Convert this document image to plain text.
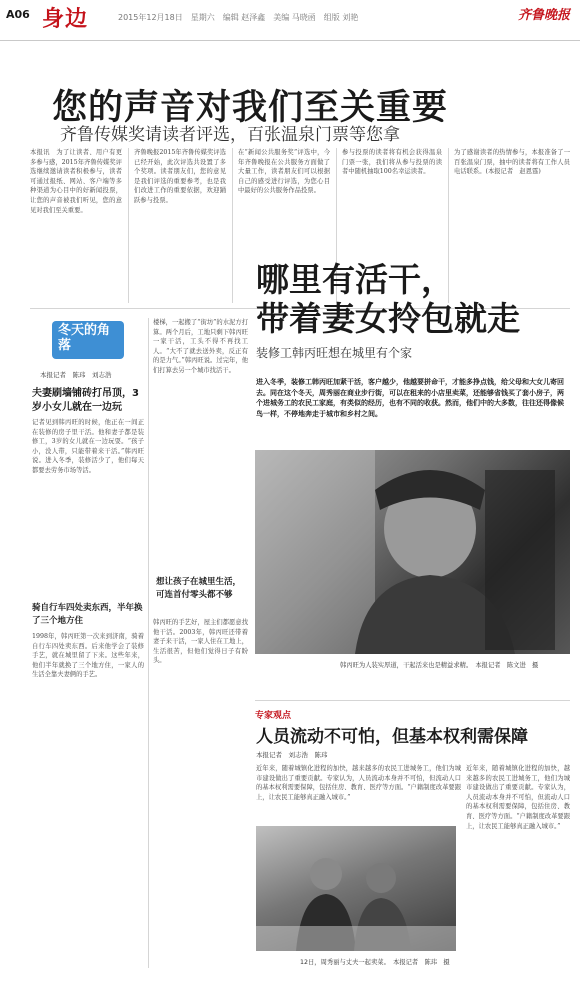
A06 身边	2015年12月18日　星期六　编辑 赵泽鑫　美编 马晓函　组版 刘艳	齐鲁晚报
您的声音对我们至关重要
齐鲁传媒奖请读者评选，百张温泉门票等您拿
本报讯　为了让读者、用户有更多参与感，2015年齐鲁传媒奖评选继续邀请读者积极参与，读者可通过报纸、网站、客户端等多种渠道为心目中的好新闻投票，让您的声音被我们听见，您的意见对我们至关重要。
齐鲁晚报2015年齐鲁传媒奖评选已经开始，此次评选共设置了多个奖项。读者朋友们，您的意见是我们评选的重要参考，也是我们改进工作的重要依据，欢迎踊跃参与投票。
在“新闻公共服务奖”评选中，今年齐鲁晚报在公共服务方面做了大量工作，读者朋友们可以根据自己的感受进行评选，为您心目中最好的公共服务作品投票。
参与投票的读者将有机会获得温泉门票一张，我们将从参与投票的读者中随机抽取100名幸运读者。
为了感谢读者的热情参与，本报准备了一百张温泉门票，抽中的读者将有工作人员电话联系。(本报记者　赵恩霆)
冬天的角落
本报记者　陈玮　刘志浩
夫妻刷墙铺砖打吊顶，3岁小女儿就在一边玩
记者见到韩丙旺的时候，他正在一间正在装修的房子里干活。他和妻子都是装修工，3岁的女儿就在一边玩耍。“孩子小，没人带，只能带着来干活。”韩丙旺说。进入冬季，装修活少了，他们每天都要去劳务市场等活。
骑自行车四处卖东西，半年换了三个地方住
1998年，韩丙旺第一次来到济南，骑着自行车四处卖东西。后来他学会了装修手艺，就在城里留了下来。这些年来，他们半年就换了三个地方住，一家人的生活全靠夫妻俩的手艺。
楼梯，一起搬了“街坊”的水泥方打算。两个月后，工地只剩下韩丙旺一家干活，工头不得不再找工人。“大不了就去送外卖，反正有的是力气。”韩丙旺说。过完年，他们打算去另一个城市找活干。
韩丙旺的手艺好，屋主们都愿意找他干活。2003年，韩丙旺还带着妻子来干活，一家人住在工地上，生活很苦，但他们觉得日子有盼头。
哪里有活干，
带着妻女拎包就走
装修工韩丙旺想在城里有个家
进入冬季，装修工韩丙旺加紧干活，客户越少，他越要拼命干，才能多挣点钱，给父母和大女儿寄回去。同在这个冬天，周秀丽在商业步行街，可以在租来的小店里卖菜，还能够省钱买了套小房子，两个进城务工的农民工家庭，有类似的经历，也有不同的收获。然而，他们中的大多数，往往还得像候鸟一样，不停地奔走于城市和乡村之间。
韩丙旺为人装实厚道，干起活来也是精益求精。　本报记者　陈文进　摄
专家观点
人员流动不可怕，但基本权利需保障
本报记者　刘志浩　陈玮
近年来，随着城镇化进程的加快，越来越多的农民工进城务工，他们为城市建设做出了重要贡献。专家认为，人员流动本身并不可怕，但流动人口的基本权利需要保障，包括住房、教育、医疗等方面。“户籍制度改革要跟上，让农民工能够真正融入城市。”
近年来，随着城镇化进程的加快，越来越多的农民工进城务工，他们为城市建设做出了重要贡献。专家认为，人员流动本身并不可怕，但流动人口的基本权利需要保障，包括住房、教育、医疗等方面。“户籍制度改革要跟上，让农民工能够真正融入城市。”
12日，周秀丽与丈夫一起卖菜。　本报记者　陈玮　摄
想让孩子在城里生活，可连首付零头都不够
